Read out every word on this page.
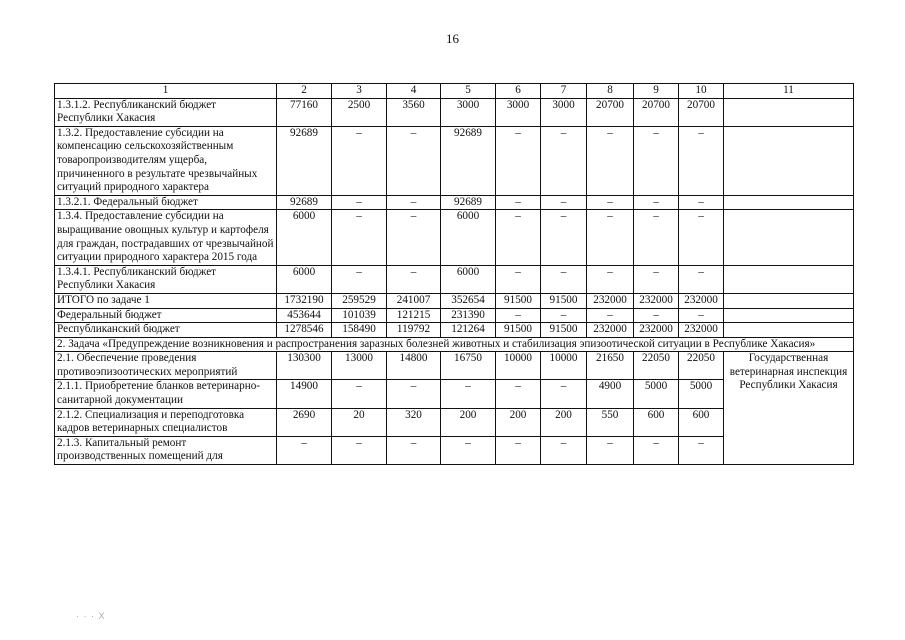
16
1	2	3	4	5	6	7	8	9	10	11
1.3.1.2. Республиканский бюджет Республики Хакасия	77160	2500	3560	3000	3000	3000	20700	20700	20700	
1.3.2. Предоставление субсидии на компенсацию сельскохозяйственным товаропроизводителям ущерба, причиненного в результате чрезвычайных ситуаций природного характера	92689	–	–	92689	–	–	–	–	–	
1.3.2.1. Федеральный бюджет	92689	–	–	92689	–	–	–	–	–	
1.3.4. Предоставление субсидии на выращивание овощных культур и картофеля для граждан, пострадавших от чрезвычайной ситуации природного характера 2015 года	6000	–	–	6000	–	–	–	–	–	
1.3.4.1. Республиканский бюджет Республики Хакасия	6000	–	–	6000	–	–	–	–	–	
ИТОГО по задаче 1	1732190	259529	241007	352654	91500	91500	232000	232000	232000	
Федеральный бюджет	453644	101039	121215	231390	–	–	–	–	–	
Республиканский бюджет	1278546	158490	119792	121264	91500	91500	232000	232000	232000	
2. Задача «Предупреждение возникновения и распространения заразных болезней животных и стабилизация эпизоотической ситуации в Республике Хакасия»										
2.1. Обеспечение проведения противоэпизоотических мероприятий	130300	13000	14800	16750	10000	10000	21650	22050	22050	Государственная ветеринарная инспекция Республики Хакасия
2.1.1. Приобретение бланков ветеринарно-санитарной документации	14900	–	–	–	–	–	4900	5000	5000	
2.1.2. Специализация и переподготовка кадров ветеринарных специалистов	2690	20	320	200	200	200	550	600	600	
2.1.3. Капитальный ремонт производственных помещений для	–	–	–	–	–	–	–	–	–	
· · · X
